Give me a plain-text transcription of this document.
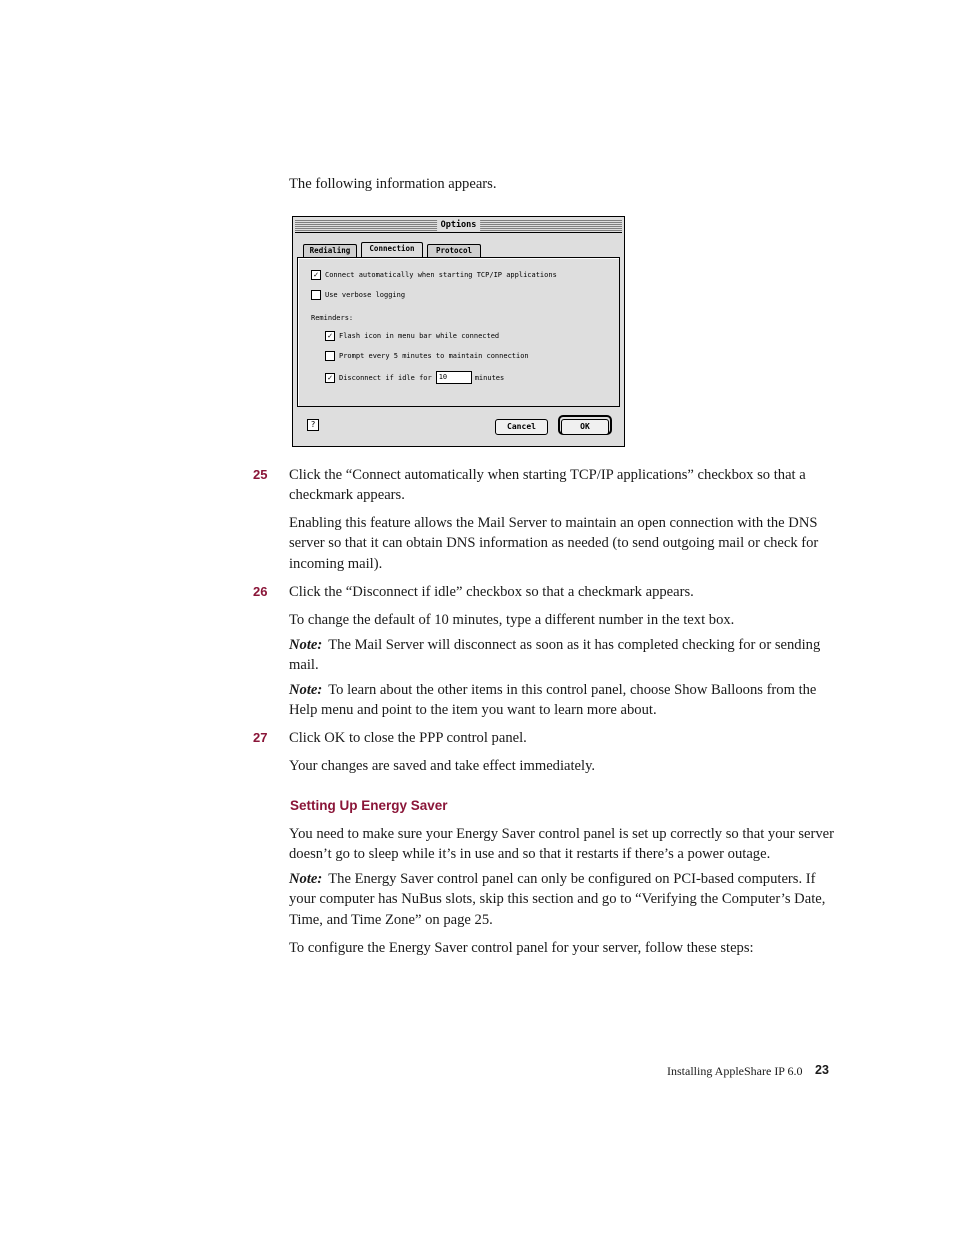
The following information appears.

Options
Redialing	Connection	Protocol
✓ Connect automatically when starting TCP/IP applications
Use verbose logging
Reminders:
✓ Flash icon in menu bar while connected
Prompt every 5 minutes to maintain connection
✓ Disconnect if idle for	10	minutes
?	Cancel	OK
25 Click the “Connect automatically when starting TCP/IP applications” checkbox so that a checkmark appears.

Enabling this feature allows the Mail Server to maintain an open connection with the DNS server so that it can obtain DNS information as needed (to send outgoing mail or check for incoming mail).

26 Click the “Disconnect if idle” checkbox so that a checkmark appears.

To change the default of 10 minutes, type a different number in the text box.

Note: The Mail Server will disconnect as soon as it has completed checking for or sending mail.

Note: To learn about the other items in this control panel, choose Show Balloons from the Help menu and point to the item you want to learn more about.

27 Click OK to close the PPP control panel.

Your changes are saved and take effect immediately.

Setting Up Energy Saver

You need to make sure your Energy Saver control panel is set up correctly so that your server doesn’t go to sleep while it’s in use and so that it restarts if there’s a power outage.

Note: The Energy Saver control panel can only be configured on PCI-based computers. If your computer has NuBus slots, skip this section and go to “Verifying the Computer’s Date, Time, and Time Zone” on page 25.

To configure the Energy Saver control panel for your server, follow these steps:

Installing AppleShare IP 6.0 23
